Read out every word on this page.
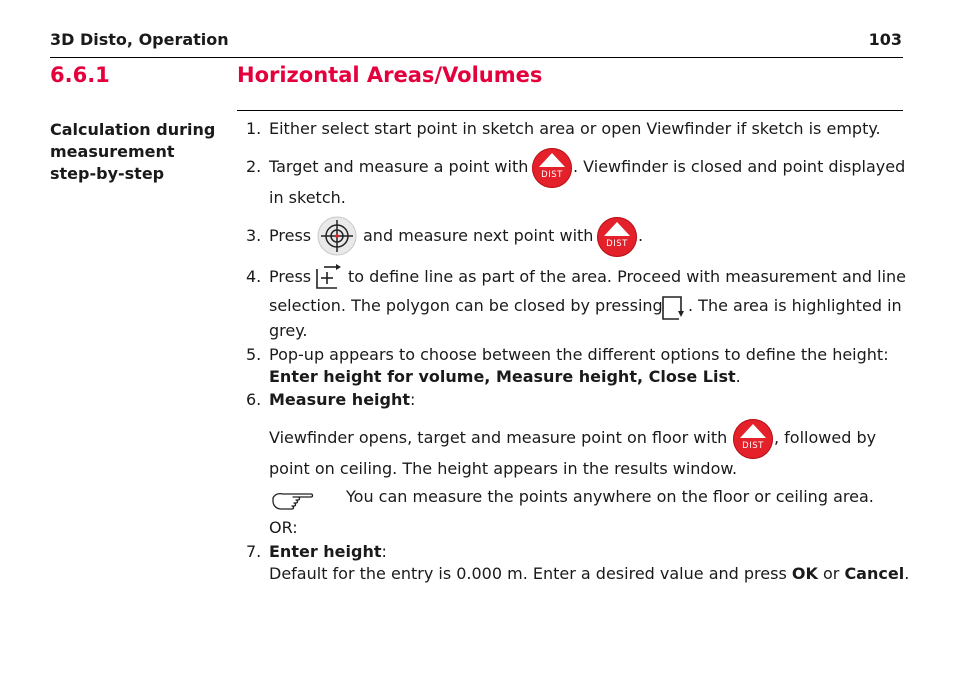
3D Disto, Operation	103
6.6.1	Horizontal Areas/Volumes
Calculation during
measurement
step-by-step
1. Either select start point in sketch area or open Viewfinder if sketch is empty.
2. Target and measure a point with	DIST . Viewfinder is closed and point displayed
in sketch.
3. Press	and measure next point with	DIST .
4. Press to define line as part of the area. Proceed with measurement and line
selection. The polygon can be closed by pressing . The area is highlighted in
grey.
5. Pop-up appears to choose between the different options to define the height:
Enter height for volume, Measure height, Close List.
6. Measure height:
Viewfinder opens, target and measure point on floor with	DIST , followed by
point on ceiling. The height appears in the results window.
You can measure the points anywhere on the floor or ceiling area.
OR:
7. Enter height:
Default for the entry is 0.000 m. Enter a desired value and press OK or Cancel.
